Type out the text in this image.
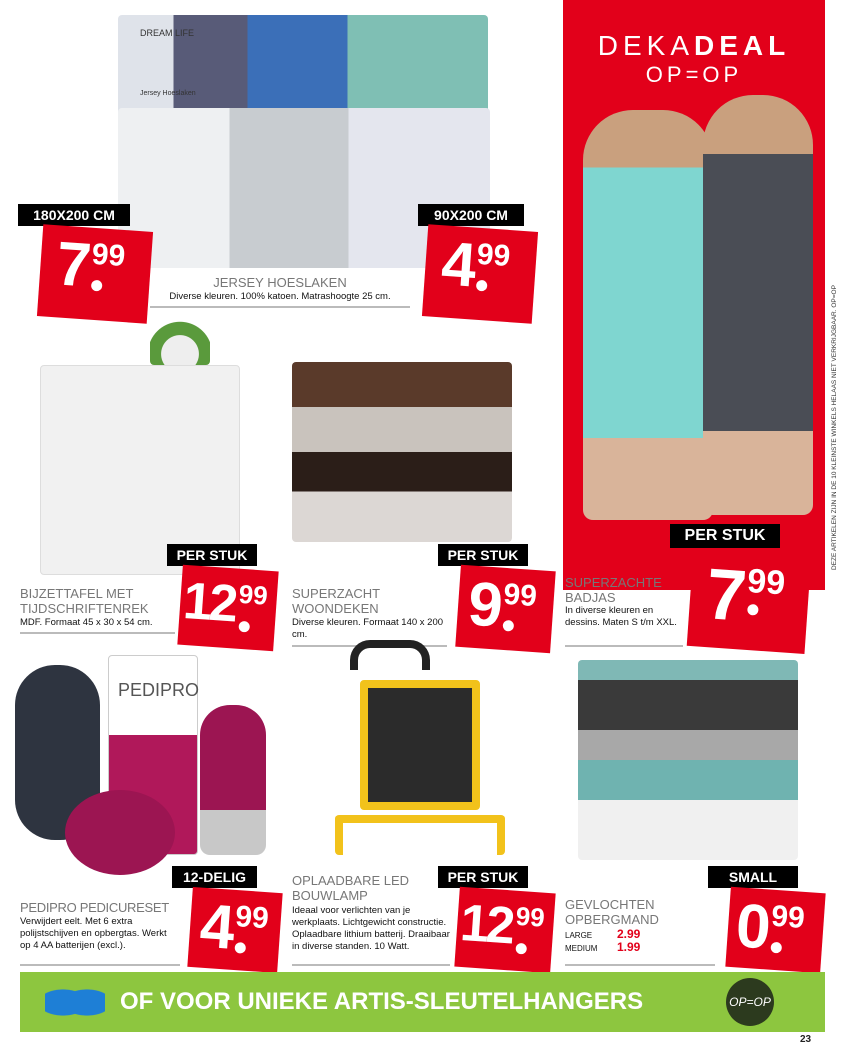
DEKADEAL
OP=OP
DEZE ARTIKELEN ZIJN IN DE 10 KLEINSTE WINKELS HELAAS NIET VERKRIJGBAAR. OP=OP
DREAM LIFE
Jersey Hoeslaken
180X200 CM
7 99
90X200 CM
4 99
JERSEY HOESLAKEN
Diverse kleuren. 100% katoen. Matrashoogte 25 cm.
PER STUK
12 99
BIJZETTAFEL MET TIJDSCHRIFTENREK
MDF. Formaat 45 x 30 x 54 cm.
PER STUK
9 99
SUPERZACHT WOONDEKEN
Diverse kleuren. Formaat 140 x 200 cm.
PER STUK
7 99
SUPERZACHTE BADJAS
In diverse kleuren en dessins. Maten S t/m XXL.
PEDIPRO
12-DELIG
4 99
PEDIPRO PEDICURESET
Verwijdert eelt. Met 6 extra polijstschijven en opbergtas. Werkt op 4 AA batterijen (excl.).
PER STUK
12 99
OPLAADBARE LED BOUWLAMP
Ideaal voor verlichten van je werkplaats. Lichtgewicht constructie. Oplaadbare lithium batterij. Draaibaar in diverse standen. 10 Watt.
SMALL
0 99
GEVLOCHTEN OPBERGMAND
LARGE 2.99
MEDIUM 1.99
OF VOOR UNIEKE ARTIS-SLEUTELHANGERS	OP=OP
23
